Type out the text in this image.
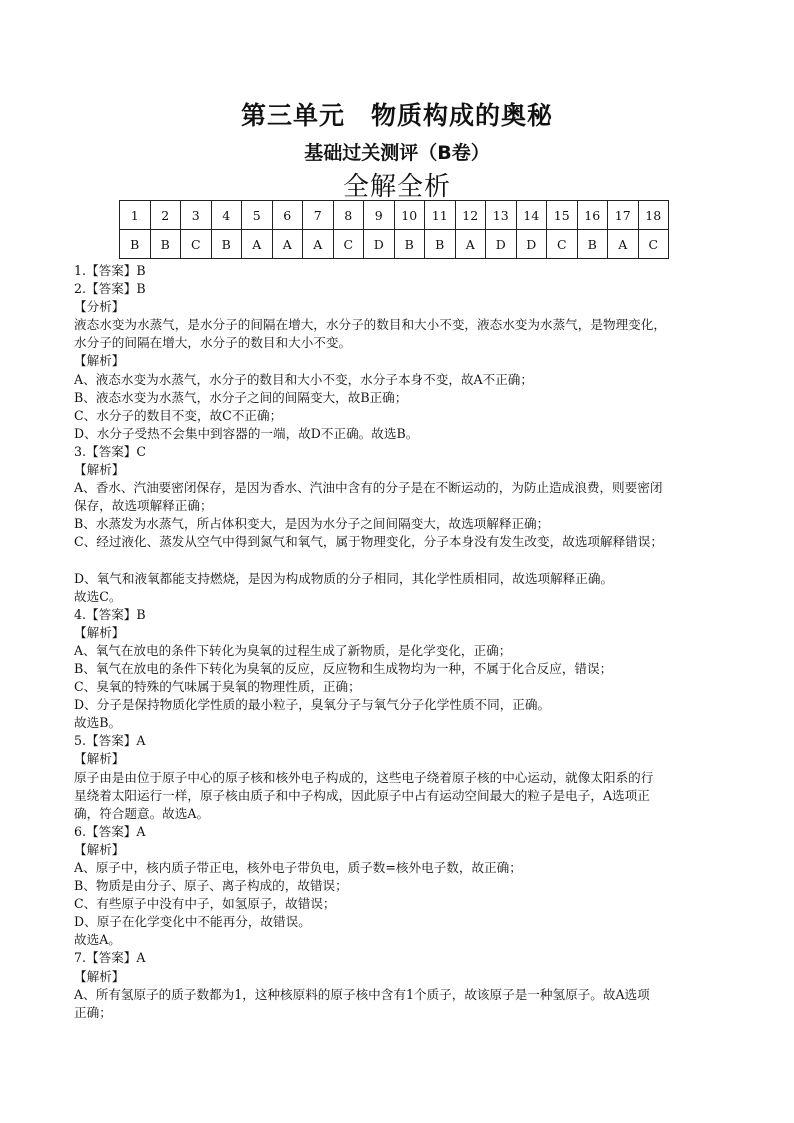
第三单元　物质构成的奥秘
基础过关测评（B卷）
全解全析
1	2	3	4	5	6	7	8	9	10	11	12	13	14	15	16	17	18
B	B	C	B	A	A	A	C	D	B	B	A	D	D	C	B	A	C
1.【答案】B
2.【答案】B
【分析】
液态水变为水蒸气，是水分子的间隔在增大，水分子的数目和大小不变，液态水变为水蒸气，是物理变化，
水分子的间隔在增大，水分子的数目和大小不变。
【解析】
A、液态水变为水蒸气，水分子的数目和大小不变，水分子本身不变，故A不正确；
B、液态水变为水蒸气，水分子之间的间隔变大，故B正确；
C、水分子的数目不变，故C不正确；
D、水分子受热不会集中到容器的一端，故D不正确。故选B。
3.【答案】C
【解析】
A、香水、汽油要密闭保存，是因为香水、汽油中含有的分子是在不断运动的，为防止造成浪费，则要密闭
保存，故选项解释正确；
B、水蒸发为水蒸气，所占体积变大，是因为水分子之间间隔变大，故选项解释正确；
C、经过液化、蒸发从空气中得到氮气和氧气，属于物理变化，分子本身没有发生改变，故选项解释错误；
D、氧气和液氧都能支持燃烧，是因为构成物质的分子相同，其化学性质相同，故选项解释正确。
故选C。
4.【答案】B
【解析】
A、氧气在放电的条件下转化为臭氧的过程生成了新物质，是化学变化，正确；
B、氧气在放电的条件下转化为臭氧的反应，反应物和生成物均为一种，不属于化合反应，错误；
C、臭氧的特殊的气味属于臭氧的物理性质，正确；
D、分子是保持物质化学性质的最小粒子，臭氧分子与氧气分子化学性质不同，正确。
故选B。
5.【答案】A
【解析】
原子由是由位于原子中心的原子核和核外电子构成的，这些电子绕着原子核的中心运动，就像太阳系的行
星绕着太阳运行一样，原子核由质子和中子构成，因此原子中占有运动空间最大的粒子是电子，A选项正
确，符合题意。故选A。
6.【答案】A
【解析】
A、原子中，核内质子带正电，核外电子带负电，质子数=核外电子数，故正确；
B、物质是由分子、原子、离子构成的，故错误；
C、有些原子中没有中子，如氢原子，故错误；
D、原子在化学变化中不能再分，故错误。
故选A。
7.【答案】A
【解析】
A、所有氢原子的质子数都为1，这种核原料的原子核中含有1个质子，故该原子是一种氢原子。故A选项
正确；
